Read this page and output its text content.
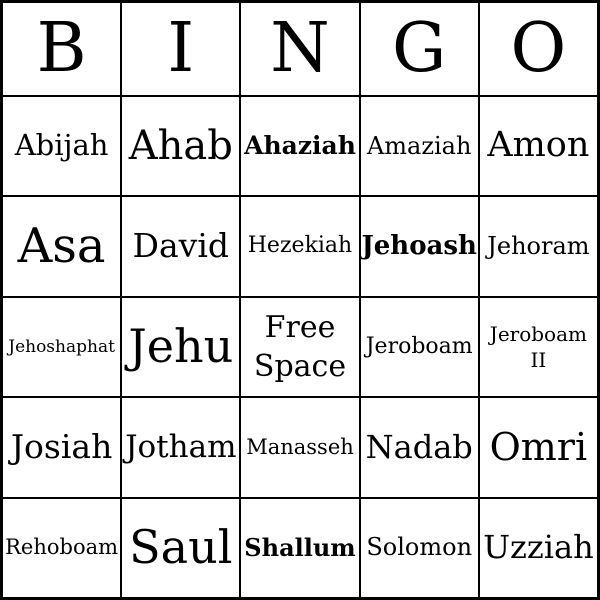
B I N G O
Abijah Ahab Ahaziah Amaziah Amon
Asa David Hezekiah Jehoash Jehoram
Jehoshaphat Jehu	Free Space
Jeroboam Jeroboam II
Josiah Jotham Manasseh Nadab Omri
Rehoboam Saul Shallum Solomon Uzziah
